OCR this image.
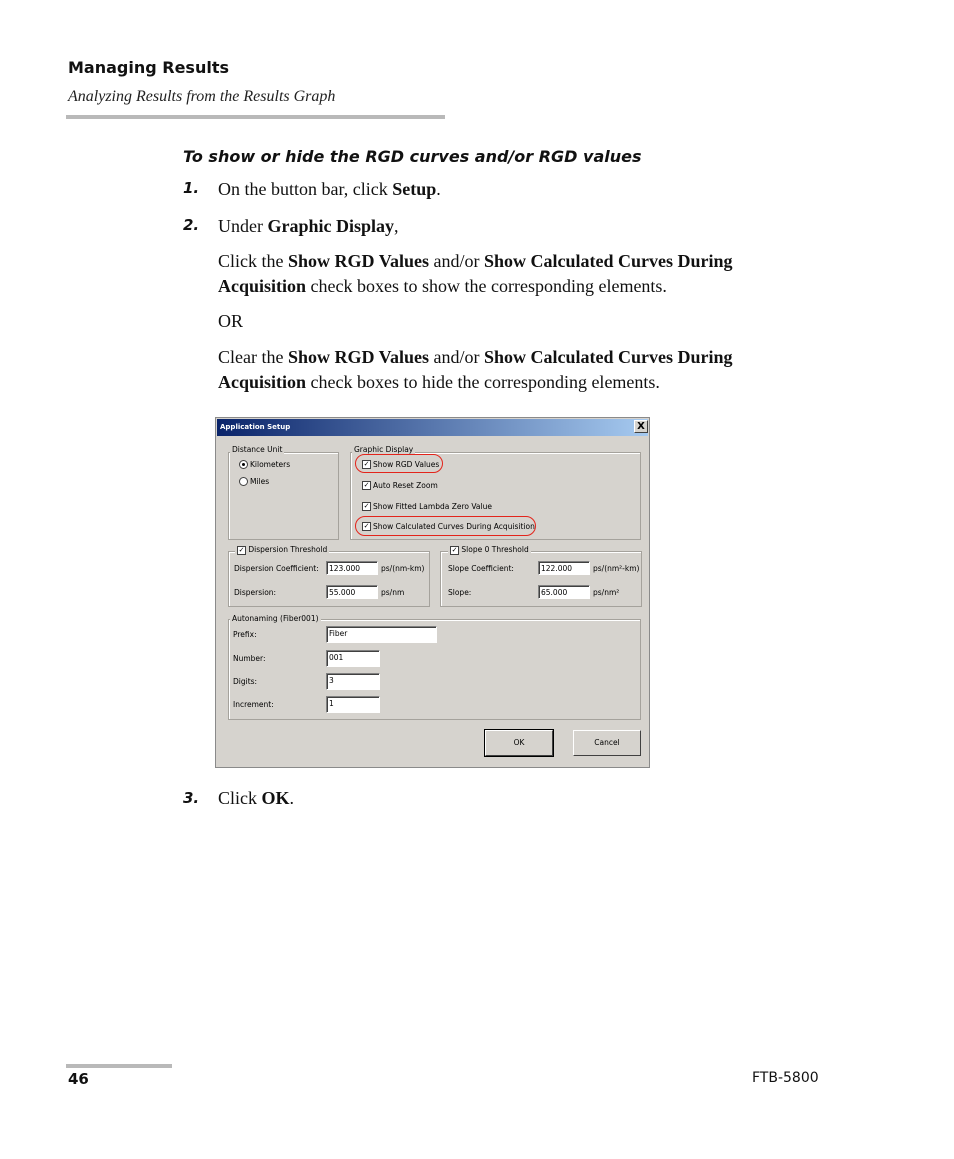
Managing Results
Analyzing Results from the Results Graph
To show or hide the RGD curves and/or RGD values
1. On the button bar, click Setup.
2. Under Graphic Display,
Click the Show RGD Values and/or Show Calculated Curves During
Acquisition check boxes to show the corresponding elements.
OR
Clear the Show RGD Values and/or Show Calculated Curves During
Acquisition check boxes to hide the corresponding elements.
Application Setup	X
Distance Unit
Kilometers
Miles
Graphic Display
✓ Show RGD Values
✓ Auto Reset Zoom
✓ Show Fitted Lambda Zero Value
✓ Show Calculated Curves During Acquisition
✓ Dispersion Threshold
Dispersion Coefficient:	123.000	ps/(nm-km)
Dispersion:	55.000	ps/nm
✓ Slope 0 Threshold
Slope Coefficient:	122.000	ps/(nm²-km)
Slope:	65.000	ps/nm²
Autonaming (Fiber001)
Prefix:	Fiber
Number:	001
Digits:	3
Increment:	1
OK	Cancel
3. Click OK.
46	FTB-5800
